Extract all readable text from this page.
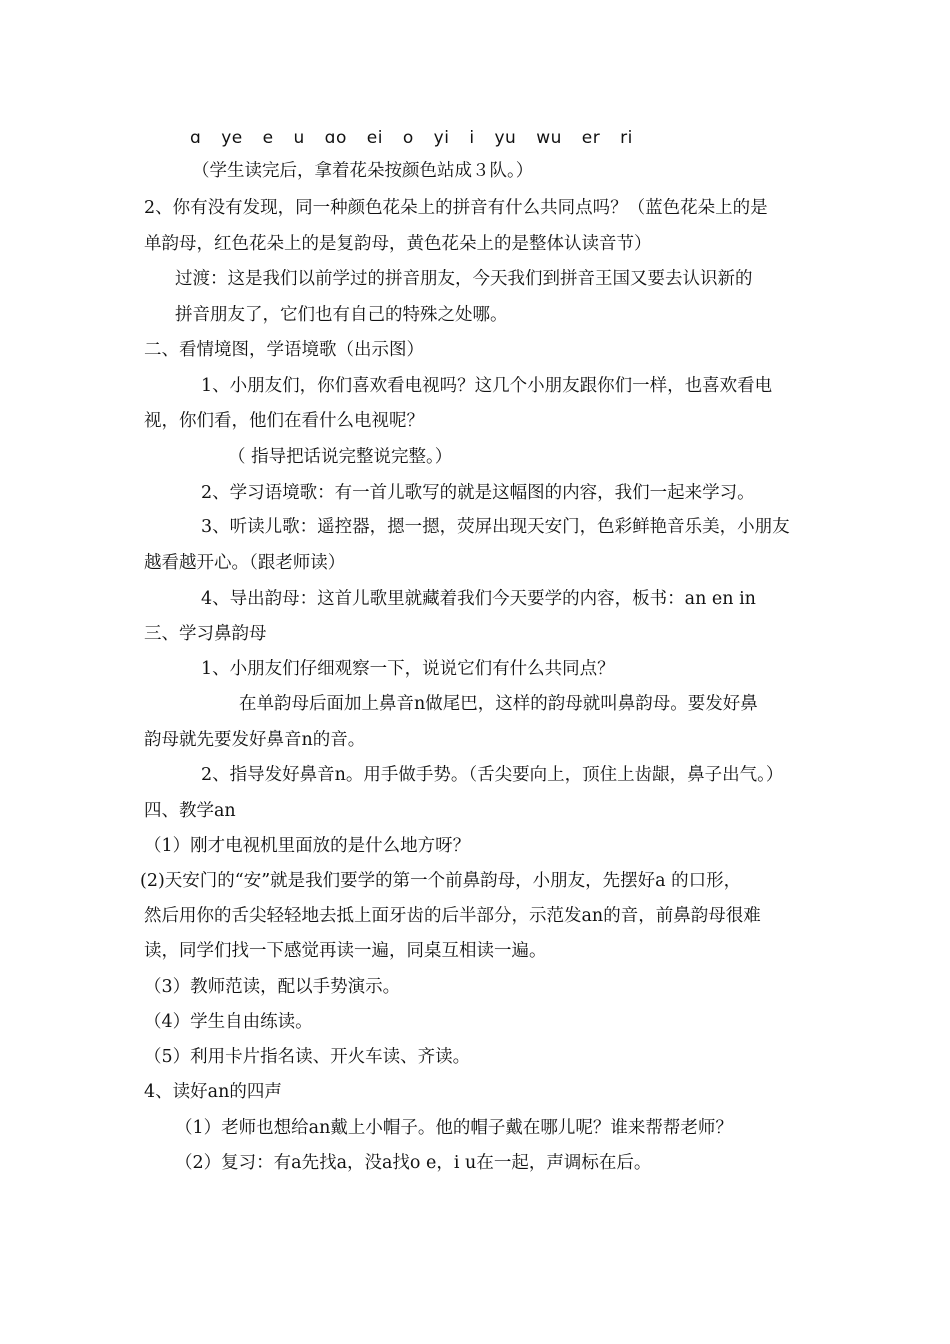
ɑ ye e u ɑo ei o yi i yu wu er ri
（学生读完后，拿着花朵按颜色站成３队。）
2、你有没有发现，同一种颜色花朵上的拼音有什么共同点吗？（蓝色花朵上的是
单韵母，红色花朵上的是复韵母，黄色花朵上的是整体认读音节）
过渡：这是我们以前学过的拼音朋友，今天我们到拼音王国又要去认识新的
拼音朋友了，它们也有自己的特殊之处哪。
二、看情境图，学语境歌（出示图）
1、小朋友们，你们喜欢看电视吗？这几个小朋友跟你们一样，也喜欢看电
视，你们看，他们在看什么电视呢？
（ 指导把话说完整说完整。）
2、学习语境歌：有一首儿歌写的就是这幅图的内容，我们一起来学习。
3、听读儿歌：遥控器，摁一摁，荧屏出现天安门，色彩鲜艳音乐美，小朋友
越看越开心。（跟老师读）
4、导出韵母：这首儿歌里就藏着我们今天要学的内容，板书：an en in
三、学习鼻韵母
1、小朋友们仔细观察一下，说说它们有什么共同点？
在单韵母后面加上鼻音n做尾巴，这样的韵母就叫鼻韵母。要发好鼻
韵母就先要发好鼻音n的音。
2、指导发好鼻音n。用手做手势。（舌尖要向上，顶住上齿龈，鼻子出气。）
四、教学an
（1）刚才电视机里面放的是什么地方呀？
(2)天安门的“安”就是我们要学的第一个前鼻韵母，小朋友，先摆好a 的口形，
然后用你的舌尖轻轻地去抵上面牙齿的后半部分，示范发an的音，前鼻韵母很难
读，同学们找一下感觉再读一遍，同桌互相读一遍。
（3）教师范读，配以手势演示。
（4）学生自由练读。
（5）利用卡片指名读、开火车读、齐读。
4、读好an的四声
（1）老师也想给an戴上小帽子。他的帽子戴在哪儿呢？谁来帮帮老师？
（2）复习：有a先找a，没a找o e，i u在一起，声调标在后。
